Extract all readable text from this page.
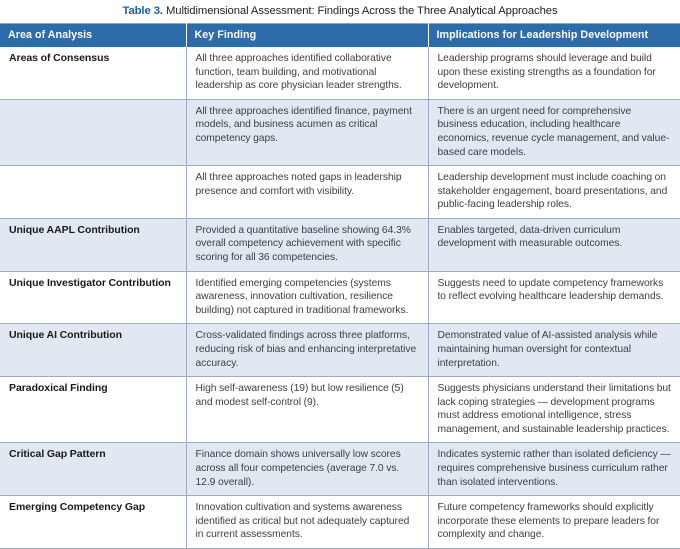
Table 3. Multidimensional Assessment: Findings Across the Three Analytical Approaches
Area of Analysis	Key Finding	Implications for Leadership Development
Areas of Consensus	All three approaches identified collaborative function, team building, and motivational leadership as core physician leader strengths.	Leadership programs should leverage and build upon these existing strengths as a foundation for development.
	All three approaches identified finance, payment models, and business acumen as critical competency gaps.	There is an urgent need for comprehensive business education, including healthcare economics, revenue cycle management, and value-based care models.
	All three approaches noted gaps in leadership presence and comfort with visibility.	Leadership development must include coaching on stakeholder engagement, board presentations, and public-facing leadership roles.
Unique AAPL Contribution	Provided a quantitative baseline showing 64.3% overall competency achievement with specific scoring for all 36 competencies.	Enables targeted, data-driven curriculum development with measurable outcomes.
Unique Investigator Contribution	Identified emerging competencies (systems awareness, innovation cultivation, resilience building) not captured in traditional frameworks.	Suggests need to update competency frameworks to reflect evolving healthcare leadership demands.
Unique AI Contribution	Cross-validated findings across three platforms, reducing risk of bias and enhancing interpretative accuracy.	Demonstrated value of AI-assisted analysis while maintaining human oversight for contextual interpretation.
Paradoxical Finding	High self-awareness (19) but low resilience (5) and modest self-control (9).	Suggests physicians understand their limitations but lack coping strategies — development programs must address emotional intelligence, stress management, and sustainable leadership practices.
Critical Gap Pattern	Finance domain shows universally low scores across all four competencies (average 7.0 vs. 12.9 overall).	Indicates systemic rather than isolated deficiency — requires comprehensive business curriculum rather than isolated interventions.
Emerging Competency Gap	Innovation cultivation and systems awareness identified as critical but not adequately captured in current assessments.	Future competency frameworks should explicitly incorporate these elements to prepare leaders for complexity and change.
